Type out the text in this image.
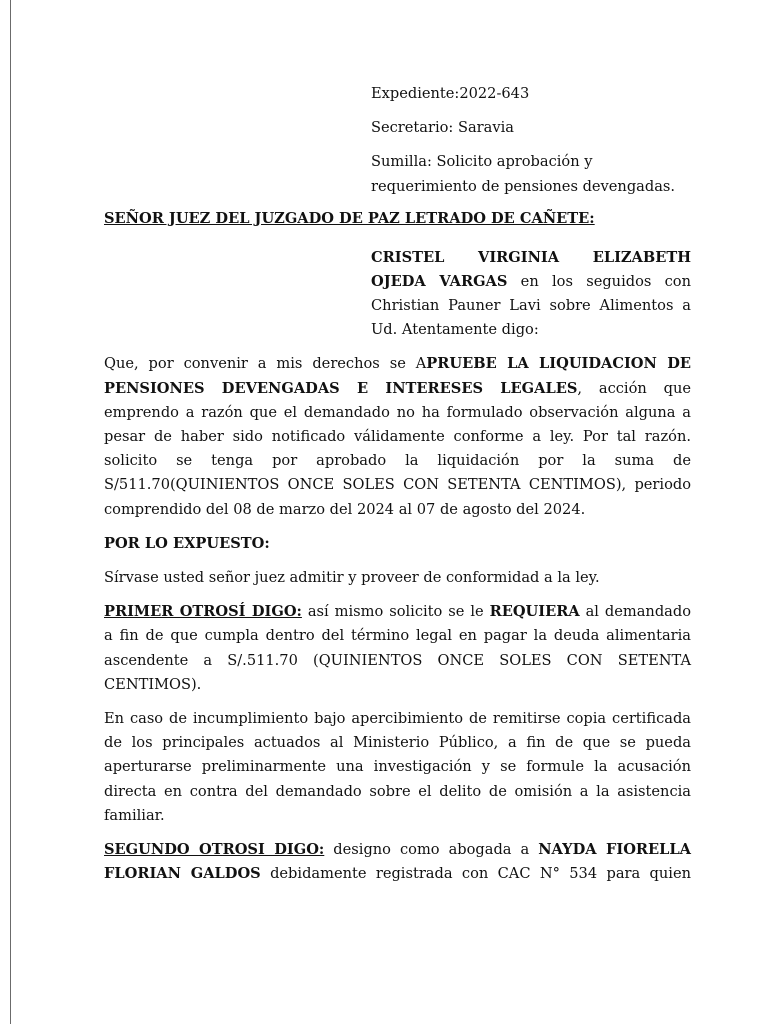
Expediente:2022-643

Secretario: Saravia

Sumilla: Solicito aprobación y requerimiento de pensiones devengadas.

SEÑOR JUEZ DEL JUZGADO DE PAZ LETRADO DE CAÑETE:

CRISTEL VIRGINIA ELIZABETH OJEDA VARGAS en los seguidos con Christian Pauner Lavi sobre Alimentos a Ud. Atentamente digo:

Que, por convenir a mis derechos se APRUEBE LA LIQUIDACION DE PENSIONES DEVENGADAS E INTERESES LEGALES, acción que emprendo a razón que el demandado no ha formulado observación alguna a pesar de haber sido notificado válidamente conforme a ley. Por tal razón. solicito se tenga por aprobado la liquidación por la suma de S/511.70(QUINIENTOS ONCE SOLES CON SETENTA CENTIMOS), periodo comprendido del 08 de marzo del 2024 al 07 de agosto del 2024.

POR LO EXPUESTO:

Sírvase usted señor juez admitir y proveer de conformidad a la ley.

PRIMER OTROSÍ DIGO: así mismo solicito se le REQUIERA al demandado a fin de que cumpla dentro del término legal en pagar la deuda alimentaria ascendente a S/.511.70 (QUINIENTOS ONCE SOLES CON SETENTA CENTIMOS).

En caso de incumplimiento bajo apercibimiento de remitirse copia certificada de los principales actuados al Ministerio Público, a fin de que se pueda aperturarse preliminarmente una investigación y se formule la acusación directa en contra del demandado sobre el delito de omisión a la asistencia familiar.

SEGUNDO OTROSI DIGO: designo como abogada a NAYDA FIORELLA FLORIAN GALDOS debidamente registrada con CAC N° 534 para quien
